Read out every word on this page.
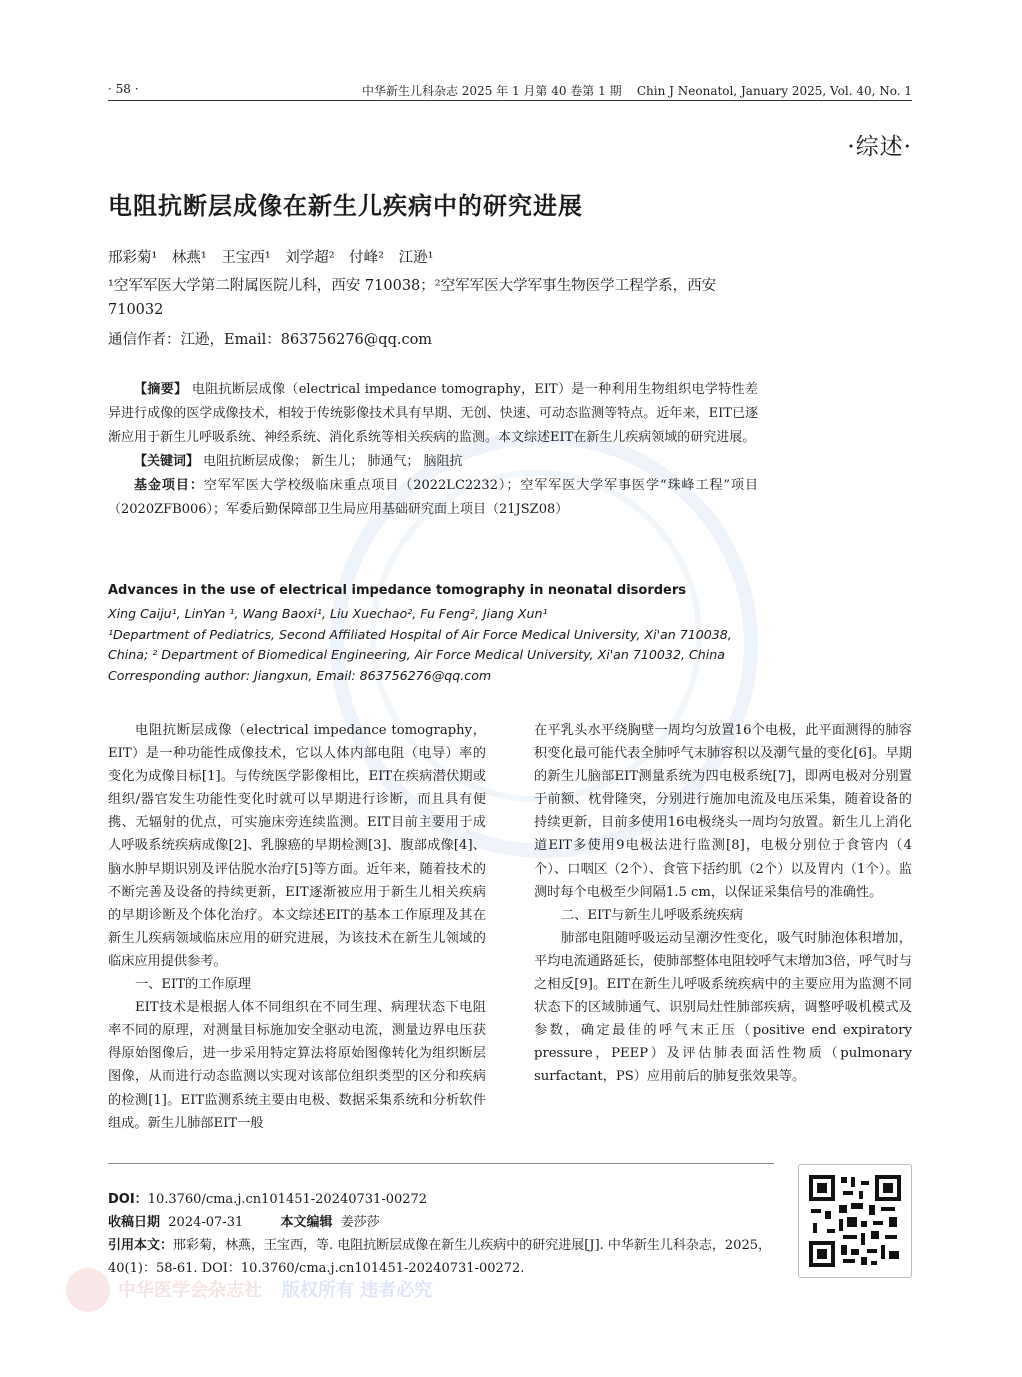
· 58 ·	中华新生儿科杂志 2025 年 1 月第 40 卷第 1 期 Chin J Neonatol, January 2025, Vol. 40, No. 1
·综述·
电阻抗断层成像在新生儿疾病中的研究进展
邢彩菊¹ 林燕¹ 王宝西¹ 刘学超² 付峰² 江逊¹
¹空军军医大学第二附属医院儿科，西安 710038；²空军军医大学军事生物医学工程学系，西安 710032
通信作者：江逊，Email：863756276@qq.com

【摘要】 电阻抗断层成像（electrical impedance tomography，EIT）是一种利用生物组织电学特性差异进行成像的医学成像技术，相较于传统影像技术具有早期、无创、快速、可动态监测等特点。近年来，EIT已逐渐应用于新生儿呼吸系统、神经系统、消化系统等相关疾病的监测。本文综述EIT在新生儿疾病领域的研究进展。

【关键词】 电阻抗断层成像； 新生儿； 肺通气； 脑阻抗

基金项目：空军军医大学校级临床重点项目（2022LC2232）；空军军医大学军事医学“珠峰工程”项目（2020ZFB006）；军委后勤保障部卫生局应用基础研究面上项目（21JSZ08）

Advances in the use of electrical impedance tomography in neonatal disorders
Xing Caiju¹, LinYan ¹, Wang Baoxi¹, Liu Xuechao², Fu Feng², Jiang Xun¹
¹Department of Pediatrics, Second Affiliated Hospital of Air Force Medical University, Xi'an 710038,
China; ² Department of Biomedical Engineering, Air Force Medical University, Xi'an 710032, China
Corresponding author: Jiangxun, Email: 863756276@qq.com

电阻抗断层成像（electrical impedance tomography，EIT）是一种功能性成像技术，它以人体内部电阻（电导）率的变化为成像目标[1]。与传统医学影像相比，EIT在疾病潜伏期或组织/器官发生功能性变化时就可以早期进行诊断，而且具有便携、无辐射的优点，可实施床旁连续监测。EIT目前主要用于成人呼吸系统疾病成像[2]、乳腺癌的早期检测[3]、腹部成像[4]、脑水肿早期识别及评估脱水治疗[5]等方面。近年来，随着技术的不断完善及设备的持续更新，EIT逐渐被应用于新生儿相关疾病的早期诊断及个体化治疗。本文综述EIT的基本工作原理及其在新生儿疾病领域临床应用的研究进展，为该技术在新生儿领域的临床应用提供参考。

一、EIT的工作原理

EIT技术是根据人体不同组织在不同生理、病理状态下电阻率不同的原理，对测量目标施加安全驱动电流，测量边界电压获得原始图像后，进一步采用特定算法将原始图像转化为组织断层图像，从而进行动态监测以实现对该部位组织类型的区分和疾病的检测[1]。EIT监测系统主要由电极、数据采集系统和分析软件组成。新生儿肺部EIT一般

在平乳头水平绕胸壁一周均匀放置16个电极，此平面测得的肺容积变化最可能代表全肺呼气末肺容积以及潮气量的变化[6]。早期的新生儿脑部EIT测量系统为四电极系统[7]，即两电极对分别置于前额、枕骨隆突，分别进行施加电流及电压采集，随着设备的持续更新，目前多使用16电极绕头一周均匀放置。新生儿上消化道EIT多使用9电极法进行监测[8]，电极分别位于食管内（4个）、口咽区（2个）、食管下括约肌（2个）以及胃内（1个）。监测时每个电极至少间隔1.5 cm，以保证采集信号的准确性。

二、EIT与新生儿呼吸系统疾病

肺部电阻随呼吸运动呈潮汐性变化，吸气时肺泡体积增加，平均电流通路延长，使肺部整体电阻较呼气末增加3倍，呼气时与之相反[9]。EIT在新生儿呼吸系统疾病中的主要应用为监测不同状态下的区域肺通气、识别局灶性肺部疾病，调整呼吸机模式及参数，确定最佳的呼气末正压（positive end expiratory pressure，PEEP）及评估肺表面活性物质（pulmonary surfactant，PS）应用前后的肺复张效果等。

DOI：10.3760/cma.j.cn101451-20240731-00272
收稿日期 2024-07-31	本文编辑 姜莎莎
引用本文：邢彩菊，林燕，王宝西，等. 电阻抗断层成像在新生儿疾病中的研究进展[J]. 中华新生儿科杂志，2025，40(1)：58-61. DOI：10.3760/cma.j.cn101451-20240731-00272.
中华医学会杂志社 版权所有 违者必究
